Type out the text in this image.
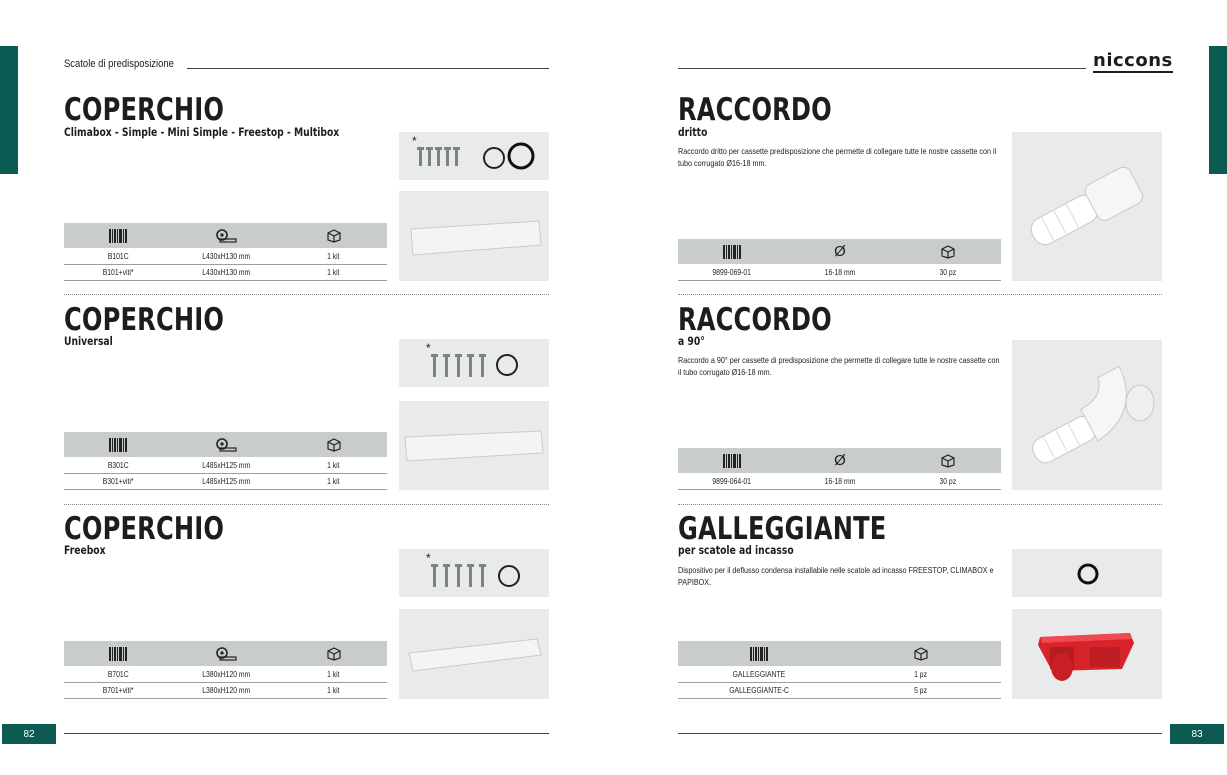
Scatole di predisposizione	niccons
COPERCHIO
Climabox - Simple - Mini Simple - Freestop - Multibox
*
B101C	L430xH130 mm	1 kit
B101+viti*	L430xH130 mm	1 kit
COPERCHIO
Universal	*
B301C	L485xH125 mm	1 kit
B301+viti*	L485xH125 mm	1 kit
COPERCHIO
Freebox
*
B701C	L380xH120 mm	1 kit
B701+viti*	L380xH120 mm	1 kit
RACCORDO
dritto
Raccordo dritto per cassette predisposizione che permette di collegare tutte le nostre cassette con il tubo corrugato Ø16-18 mm.
Ø
9899-069-01	16-18 mm	30 pz
RACCORDO
a 90°
Raccordo a 90° per cassette di predisposizione che permette di collegare tutte le nostre cassette con il tubo corrugato Ø16-18 mm.
Ø
9899-064-01	16-18 mm	30 pz
GALLEGGIANTE
per scatole ad incasso
Dispositivo per il deflusso condensa installabile nelle scatole ad incasso FREESTOP, CLIMABOX e PAPIBOX.
GALLEGGIANTE	1 pz
GALLEGGIANTE-C	5 pz
82	83
